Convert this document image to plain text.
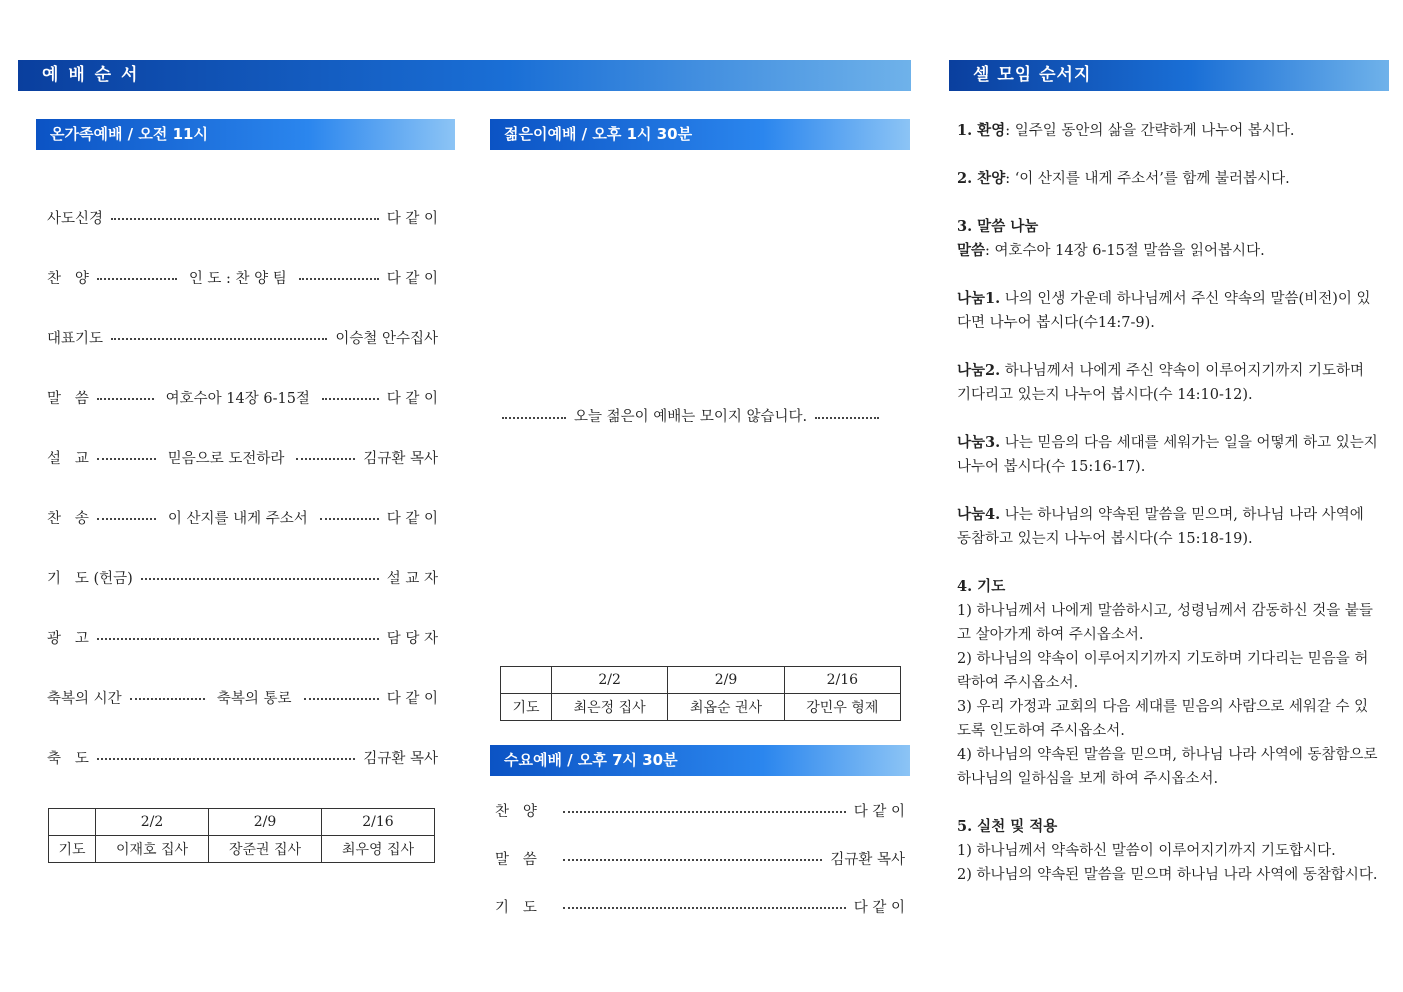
예 배 순 서	셀 모임 순서지
온가족예배 / 오전 11시
사도신경	다 같 이
찬   양	인 도 : 찬 양 팀	다 같 이
대표기도	이승철 안수집사
말   씀	여호수아 14장 6-15절	다 같 이
설   교	믿음으로 도전하라	김규환 목사
찬   송	이 산지를 내게 주소서	다 같 이
기   도 (헌금)	설 교 자
광   고	담 당 자
축복의 시간	축복의 통로	다 같 이
축   도	김규환 목사
	2/2	2/9	2/16
기도	이재호 집사	장준권 집사	최우영 집사
젊은이예배 / 오후 1시 30분
오늘 젊은이 예배는 모이지 않습니다.
	2/2	2/9	2/16
기도	최은정 집사	최옵순 권사	강민우 형제
수요예배 / 오후 7시 30분
찬   양	다 같 이
말   씀	김규환 목사
기   도	다 같 이

1. 환영: 일주일 동안의 삶을 간략하게 나누어 봅시다.

2. 찬양: ‘이 산지를 내게 주소서’를 함께 불러봅시다.

3. 말씀 나눔

말씀: 여호수아 14장 6-15절 말씀을 읽어봅시다.

나눔1. 나의 인생 가운데 하나님께서 주신 약속의 말씀(비전)이 있다면 나누어 봅시다(수14:7-9).

나눔2. 하나님께서 나에게 주신 약속이 이루어지기까지 기도하며 기다리고 있는지 나누어 봅시다(수 14:10-12).

나눔3. 나는 믿음의 다음 세대를 세워가는 일을 어떻게 하고 있는지 나누어 봅시다(수 15:16-17).

나눔4. 나는 하나님의 약속된 말씀을 믿으며, 하나님 나라 사역에 동참하고 있는지 나누어 봅시다(수 15:18-19).

4. 기도

1) 하나님께서 나에게 말씀하시고, 성령님께서 감동하신 것을 붙들고 살아가게 하여 주시옵소서.

2) 하나님의 약속이 이루어지기까지 기도하며 기다리는 믿음을 허락하여 주시옵소서.

3) 우리 가정과 교회의 다음 세대를 믿음의 사람으로 세워갈 수 있도록 인도하여 주시옵소서.

4) 하나님의 약속된 말씀을 믿으며, 하나님 나라 사역에 동참함으로 하나님의 일하심을 보게 하여 주시옵소서.

5. 실천 및 적용

1) 하나님께서 약속하신 말씀이 이루어지기까지 기도합시다.

2) 하나님의 약속된 말씀을 믿으며 하나님 나라 사역에 동참합시다.
